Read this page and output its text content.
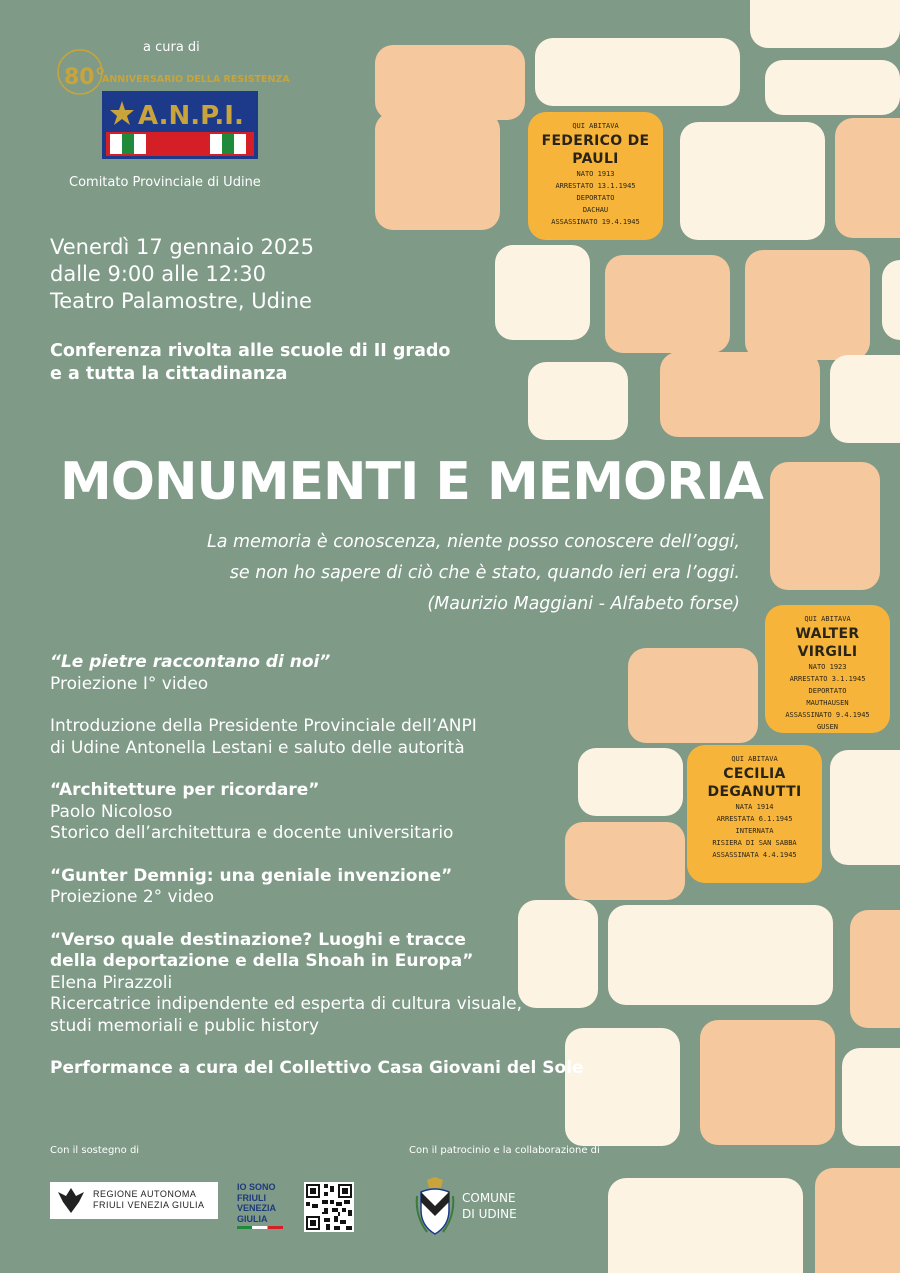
QUI ABITAVA
FEDERICO DE PAULI
NATO 1913
ARRESTATO 13.1.1945
DEPORTATO
DACHAU
ASSASSINATO 19.4.1945
QUI ABITAVA
WALTER VIRGILI
NATO 1923
ARRESTATO 3.1.1945
DEPORTATO
MAUTHAUSEN
ASSASSINATO 9.4.1945
GUSEN
QUI ABITAVA
CECILIA DEGANUTTI
NATA 1914
ARRESTATA 6.1.1945
INTERNATA
RISIERA DI SAN SABBA
ASSASSINATA 4.4.1945
a cura di
80°
ANNIVERSARIO DELLA RESISTENZA
A.N.P.I.
Comitato Provinciale di Udine
Venerdì 17 gennaio 2025
dalle 9:00 alle 12:30
Teatro Palamostre, Udine
Conferenza rivolta alle scuole di II grado
e a tutta la cittadinanza
MONUMENTI E MEMORIA
La memoria è conoscenza, niente posso conoscere dell’oggi,
se non ho sapere di ciò che è stato, quando ieri era l’oggi.
(Maurizio Maggiani - Alfabeto forse)
“Le pietre raccontano di noi”
Proiezione I° video
Introduzione della Presidente Provinciale dell’ANPI
di Udine Antonella Lestani e saluto delle autorità
“Architetture per ricordare”
Paolo Nicoloso
Storico dell’architettura e docente universitario
“Gunter Demnig: una geniale invenzione”
Proiezione 2° video
“Verso quale destinazione? Luoghi e tracce
della deportazione e della Shoah in Europa”
Elena Pirazzoli
Ricercatrice indipendente ed esperta di cultura visuale,
studi memoriali e public history
Performance a cura del Collettivo Casa Giovani del Sole
Con il sostegno di	Con il patrocinio e la collaborazione di
REGIONE AUTONOMA
FRIULI VENEZIA GIULIA
IO SONO
FRIULI
VENEZIA
GIULIA
COMUNE
DI UDINE
